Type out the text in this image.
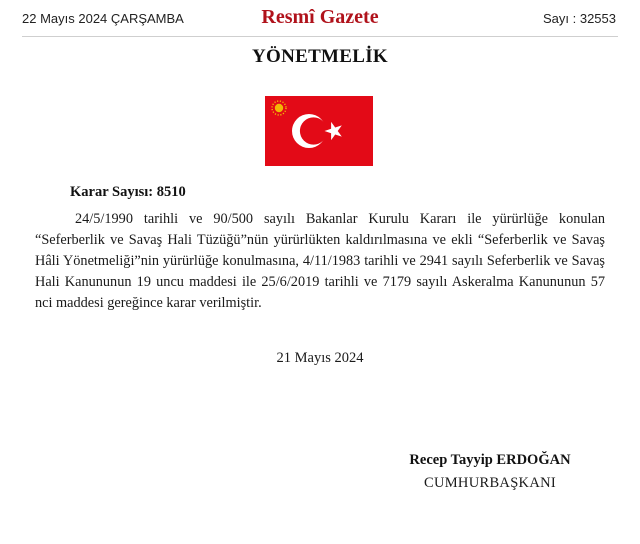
22 Mayıs 2024 ÇARŞAMBA	Resmî Gazete	Sayı : 32553
YÖNETMELİK
Karar Sayısı: 8510
24/5/1990 tarihli ve 90/500 sayılı Bakanlar Kurulu Kararı ile yürürlüğe konulan “Seferberlik ve Savaş Hali Tüzüğü”nün yürürlükten kaldırılmasına ve ekli “Seferberlik ve Savaş Hâli Yönetmeliği”nin yürürlüğe konulmasına, 4/11/1983 tarihli ve 2941 sayılı Seferberlik ve Savaş Hali Kanununun 19 uncu maddesi ile 25/6/2019 tarihli ve 7179 sayılı Askeralma Kanununun 57 nci maddesi gereğince karar verilmiştir.
21 Mayıs 2024
Recep Tayyip ERDOĞAN
CUMHURBAŞKANI
